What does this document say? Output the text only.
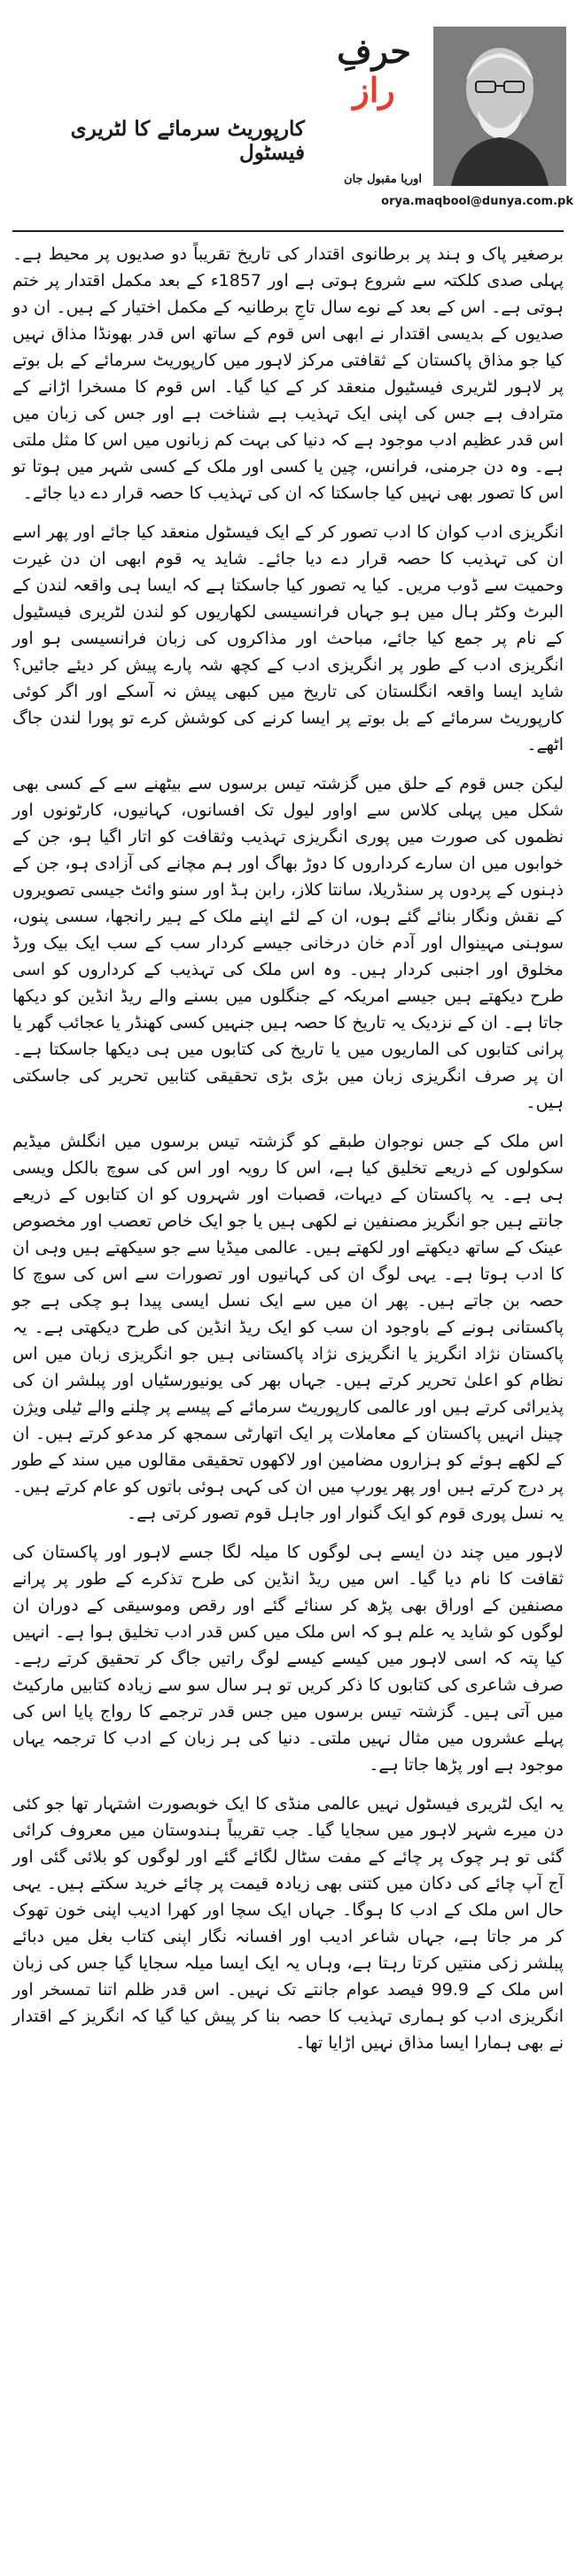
کارپوریٹ سرمائے کا لٹریری فیسٹول
حرفِ
راز
اوریا مقبول جان
orya.maqbool@dunya.com.pk

برصغیر پاک و ہند پر برطانوی اقتدار کی تاریخ تقریباً دو صدیوں پر محیط ہے۔ پہلی صدی کلکتہ سے شروع ہوتی ہے اور 1857ء کے بعد مکمل اقتدار پر ختم ہوتی ہے۔ اس کے بعد کے نوے سال تاجِ برطانیہ کے مکمل اختیار کے ہیں۔ ان دو صدیوں کے بدیسی اقتدار نے ابھی اس قوم کے ساتھ اس قدر بھونڈا مذاق نہیں کیا جو مذاق پاکستان کے ثقافتی مرکز لاہور میں کارپوریٹ سرمائے کے بل بوتے پر لاہور لٹریری فیسٹیول منعقد کر کے کیا گیا۔ اس قوم کا مسخرا اڑانے کے مترادف ہے جس کی اپنی ایک تہذیب ہے شناخت ہے اور جس کی زبان میں اس قدر عظیم ادب موجود ہے کہ دنیا کی بہت کم زبانوں میں اس کا مثل ملتی ہے۔ وہ دن جرمنی، فرانس، چین یا کسی اور ملک کے کسی شہر میں ہوتا تو اس کا تصور بھی نہیں کیا جاسکتا کہ ان کی تہذیب کا حصہ قرار دے دیا جائے۔

انگریزی ادب کوان کا ادب تصور کر کے ایک فیسٹول منعقد کیا جائے اور پھر اسے ان کی تہذیب کا حصہ قرار دے دیا جائے۔ شاید یہ قوم ابھی ان دن غیرت وحمیت سے ڈوب مریں۔ کیا یہ تصور کیا جاسکتا ہے کہ ایسا ہی واقعہ لندن کے البرٹ وکٹر ہال میں ہو جہاں فرانسیسی لکھاریوں کو لندن لٹریری فیسٹیول کے نام پر جمع کیا جائے، مباحث اور مذاکروں کی زبان فرانسیسی ہو اور انگریزی ادب کے طور پر انگریزی ادب کے کچھ شہ پارے پیش کر دیئے جائیں؟ شاید ایسا واقعہ انگلستان کی تاریخ میں کبھی پیش نہ آسکے اور اگر کوئی کارپوریٹ سرمائے کے بل بوتے پر ایسا کرنے کی کوشش کرے تو پورا لندن جاگ اٹھے۔

لیکن جس قوم کے حلق میں گزشتہ تیس برسوں سے بیٹھنے سے کے کسی بھی شکل میں پہلی کلاس سے اواور لیول تک افسانوں، کہانیوں، کارٹونوں اور نظموں کی صورت میں پوری انگریزی تہذیب وثقافت کو اتار اگیا ہو، جن کے خوابوں میں ان سارے کرداروں کا دوڑ بھاگ اور ہم مچانے کی آزادی ہو، جن کے ذہنوں کے پردوں پر سنڈریلا، سانتا کلاز، رابن ہڈ اور سنو وائٹ جیسی تصویروں کے نقش ونگار بنائے گئے ہوں، ان کے لئے اپنے ملک کے ہیر رانجھا، سسی پنوں، سوہنی مہینوال اور آدم خان درخانی جیسے کردار سب کے سب ایک بیک ورڈ مخلوق اور اجنبی کردار ہیں۔ وہ اس ملک کی تہذیب کے کرداروں کو اسی طرح دیکھتے ہیں جیسے امریکہ کے جنگلوں میں بسنے والے ریڈ انڈین کو دیکھا جاتا ہے۔ ان کے نزدیک یہ تاریخ کا حصہ ہیں جنہیں کسی کھنڈر یا عجائب گھر یا پرانی کتابوں کی الماریوں میں یا تاریخ کی کتابوں میں ہی دیکھا جاسکتا ہے۔ ان پر صرف انگریزی زبان میں بڑی بڑی تحقیقی کتابیں تحریر کی جاسکتی ہیں۔

اس ملک کے جس نوجوان طبقے کو گزشتہ تیس برسوں میں انگلش میڈیم سکولوں کے ذریعے تخلیق کیا ہے، اس کا رویہ اور اس کی سوچ بالکل ویسی ہی ہے۔ یہ پاکستان کے دیہات، قصبات اور شہروں کو ان کتابوں کے ذریعے جانتے ہیں جو انگریز مصنفین نے لکھی ہیں یا جو ایک خاص تعصب اور مخصوص عینک کے ساتھ دیکھتے اور لکھتے ہیں۔ عالمی میڈیا سے جو سیکھتے ہیں وہی ان کا ادب ہوتا ہے۔ یہی لوگ ان کی کہانیوں اور تصورات سے اس کی سوچ کا حصہ بن جاتے ہیں۔ پھر ان میں سے ایک نسل ایسی پیدا ہو چکی ہے جو پاکستانی ہونے کے باوجود ان سب کو ایک ریڈ انڈین کی طرح دیکھتی ہے۔ یہ پاکستان نژاد انگریز یا انگریزی نژاد پاکستانی ہیں جو انگریزی زبان میں اس نظام کو اعلیٰ تحریر کرتے ہیں۔ جہاں بھر کی یونیورسٹیاں اور پبلشر ان کی پذیرائی کرتے ہیں اور عالمی کارپوریٹ سرمائے کے پیسے پر چلنے والے ٹیلی ویژن چینل انہیں پاکستان کے معاملات پر ایک اتھارٹی سمجھ کر مدعو کرتے ہیں۔ ان کے لکھے ہوئے کو ہزاروں مضامین اور لاکھوں تحقیقی مقالوں میں سند کے طور پر درج کرتے ہیں اور پھر یورپ میں ان کی کہی ہوئی باتوں کو عام کرتے ہیں۔ یہ نسل پوری قوم کو ایک گنوار اور جاہل قوم تصور کرتی ہے۔

لاہور میں چند دن ایسے ہی لوگوں کا میلہ لگا جسے لاہور اور پاکستان کی ثقافت کا نام دیا گیا۔ اس میں ریڈ انڈین کی طرح تذکرے کے طور پر پرانے مصنفین کے اوراق بھی پڑھ کر سنائے گئے اور رقص وموسیقی کے دوران ان لوگوں کو شاید یہ علم ہو کہ اس ملک میں کس قدر ادب تخلیق ہوا ہے۔ انہیں کیا پتہ کہ اسی لاہور میں کیسے کیسے لوگ راتیں جاگ کر تحقیق کرتے رہے۔ صرف شاعری کی کتابوں کا ذکر کریں تو ہر سال سو سے زیادہ کتابیں مارکیٹ میں آتی ہیں۔ گزشتہ تیس برسوں میں جس قدر ترجمے کا رواج پایا اس کی پہلے عشروں میں مثال نہیں ملتی۔ دنیا کی ہر زبان کے ادب کا ترجمہ یہاں موجود ہے اور پڑھا جاتا ہے۔

یہ ایک لٹریری فیسٹول نہیں عالمی منڈی کا ایک خوبصورت اشتہار تھا جو کئی دن میرے شہر لاہور میں سجایا گیا۔ جب تقریباً ہندوستان میں معروف کرائی گئی تو ہر چوک پر چائے کے مفت سٹال لگائے گئے اور لوگوں کو بلائی گئی اور آج آپ چائے کی دکان میں کتنی بھی زیادہ قیمت پر چائے خرید سکتے ہیں۔ یہی حال اس ملک کے ادب کا ہوگا۔ جہاں ایک سچا اور کھرا ادیب اپنی خون تھوک کر مر جاتا ہے، جہاں شاعر ادیب اور افسانہ نگار اپنی کتاب بغل میں دبائے پبلشر زکی منتیں کرتا رہتا ہے، وہاں یہ ایک ایسا میلہ سجایا گیا جس کی زبان اس ملک کے 99.9 فیصد عوام جانتے تک نہیں۔ اس قدر ظلم اتنا تمسخر اور انگریزی ادب کو ہماری تہذیب کا حصہ بنا کر پیش کیا گیا کہ انگریز کے اقتدار نے بھی ہمارا ایسا مذاق نہیں اڑایا تھا۔
